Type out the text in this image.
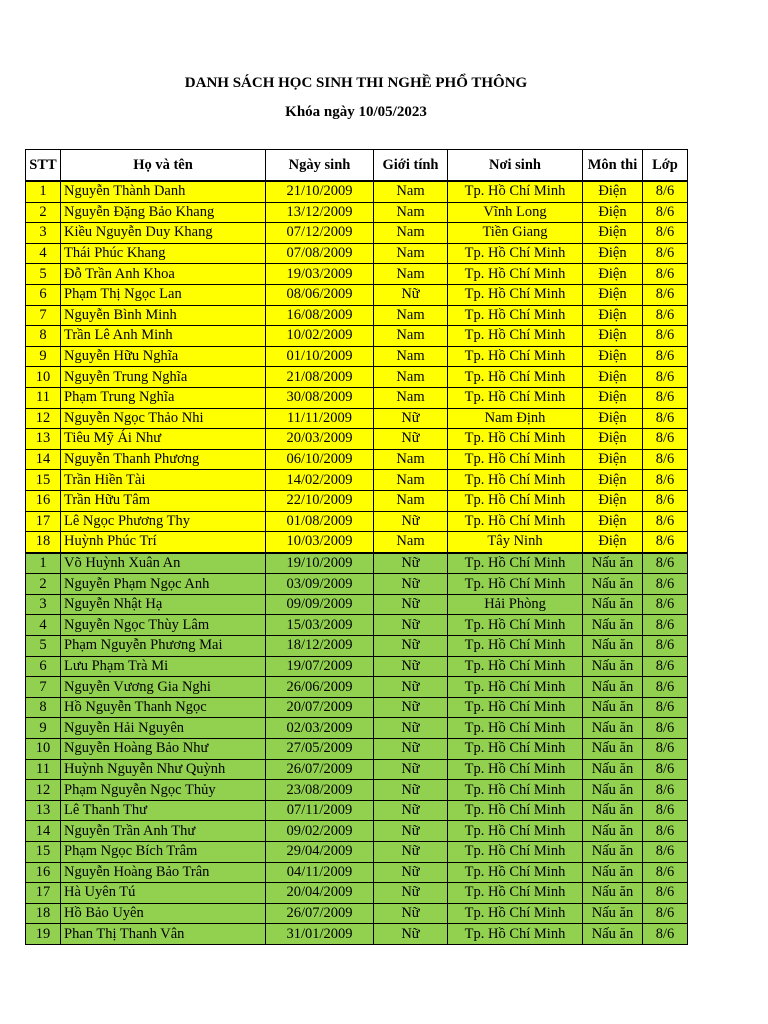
DANH SÁCH HỌC SINH THI NGHỀ PHỔ THÔNG
Khóa ngày 10/05/2023
STT	Họ và tên	Ngày sinh	Giới tính	Nơi sinh	Môn thi	Lớp
1	Nguyễn Thành Danh	21/10/2009	Nam	Tp. Hồ Chí Minh	Điện	8/6
2	Nguyễn Đặng Bảo Khang	13/12/2009	Nam	Vĩnh Long	Điện	8/6
3	Kiều Nguyễn Duy Khang	07/12/2009	Nam	Tiền Giang	Điện	8/6
4	Thái Phúc Khang	07/08/2009	Nam	Tp. Hồ Chí Minh	Điện	8/6
5	Đỗ Trần Anh Khoa	19/03/2009	Nam	Tp. Hồ Chí Minh	Điện	8/6
6	Phạm Thị Ngọc Lan	08/06/2009	Nữ	Tp. Hồ Chí Minh	Điện	8/6
7	Nguyễn Bình Minh	16/08/2009	Nam	Tp. Hồ Chí Minh	Điện	8/6
8	Trần Lê Anh Minh	10/02/2009	Nam	Tp. Hồ Chí Minh	Điện	8/6
9	Nguyễn Hữu Nghĩa	01/10/2009	Nam	Tp. Hồ Chí Minh	Điện	8/6
10	Nguyễn Trung Nghĩa	21/08/2009	Nam	Tp. Hồ Chí Minh	Điện	8/6
11	Phạm Trung Nghĩa	30/08/2009	Nam	Tp. Hồ Chí Minh	Điện	8/6
12	Nguyễn Ngọc Thảo Nhi	11/11/2009	Nữ	Nam Định	Điện	8/6
13	Tiêu Mỹ Ái Như	20/03/2009	Nữ	Tp. Hồ Chí Minh	Điện	8/6
14	Nguyễn Thanh Phương	06/10/2009	Nam	Tp. Hồ Chí Minh	Điện	8/6
15	Trần Hiền Tài	14/02/2009	Nam	Tp. Hồ Chí Minh	Điện	8/6
16	Trần Hữu Tâm	22/10/2009	Nam	Tp. Hồ Chí Minh	Điện	8/6
17	Lê Ngọc Phương Thy	01/08/2009	Nữ	Tp. Hồ Chí Minh	Điện	8/6
18	Huỳnh Phúc Trí	10/03/2009	Nam	Tây Ninh	Điện	8/6
1	Võ Huỳnh Xuân An	19/10/2009	Nữ	Tp. Hồ Chí Minh	Nấu ăn	8/6
2	Nguyễn Phạm Ngọc Anh	03/09/2009	Nữ	Tp. Hồ Chí Minh	Nấu ăn	8/6
3	Nguyễn Nhật Hạ	09/09/2009	Nữ	Hải Phòng	Nấu ăn	8/6
4	Nguyễn Ngọc Thùy Lâm	15/03/2009	Nữ	Tp. Hồ Chí Minh	Nấu ăn	8/6
5	Phạm Nguyễn Phương Mai	18/12/2009	Nữ	Tp. Hồ Chí Minh	Nấu ăn	8/6
6	Lưu Phạm Trà Mi	19/07/2009	Nữ	Tp. Hồ Chí Minh	Nấu ăn	8/6
7	Nguyễn Vương Gia Nghi	26/06/2009	Nữ	Tp. Hồ Chí Minh	Nấu ăn	8/6
8	Hồ Nguyễn Thanh Ngọc	20/07/2009	Nữ	Tp. Hồ Chí Minh	Nấu ăn	8/6
9	Nguyễn Hải Nguyên	02/03/2009	Nữ	Tp. Hồ Chí Minh	Nấu ăn	8/6
10	Nguyễn Hoàng Bảo Như	27/05/2009	Nữ	Tp. Hồ Chí Minh	Nấu ăn	8/6
11	Huỳnh Nguyễn Như Quỳnh	26/07/2009	Nữ	Tp. Hồ Chí Minh	Nấu ăn	8/6
12	Phạm Nguyễn Ngọc Thủy	23/08/2009	Nữ	Tp. Hồ Chí Minh	Nấu ăn	8/6
13	Lê Thanh Thư	07/11/2009	Nữ	Tp. Hồ Chí Minh	Nấu ăn	8/6
14	Nguyễn Trần Anh Thư	09/02/2009	Nữ	Tp. Hồ Chí Minh	Nấu ăn	8/6
15	Phạm Ngọc Bích Trâm	29/04/2009	Nữ	Tp. Hồ Chí Minh	Nấu ăn	8/6
16	Nguyễn Hoàng Bảo Trân	04/11/2009	Nữ	Tp. Hồ Chí Minh	Nấu ăn	8/6
17	Hà Uyên Tú	20/04/2009	Nữ	Tp. Hồ Chí Minh	Nấu ăn	8/6
18	Hồ Bảo Uyên	26/07/2009	Nữ	Tp. Hồ Chí Minh	Nấu ăn	8/6
19	Phan Thị Thanh Vân	31/01/2009	Nữ	Tp. Hồ Chí Minh	Nấu ăn	8/6
